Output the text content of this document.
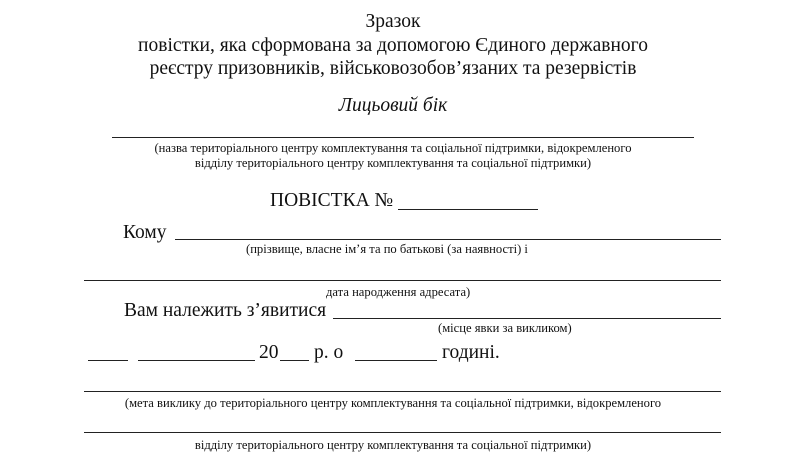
Зразок
повістки, яка сформована за допомогою Єдиного державного
реєстру призовників, військовозобов’язаних та резервістів
Лицьовий бік
(назва територіального центру комплектування та соціальної підтримки, відокремленого
відділу територіального центру комплектування та соціальної підтримки)
ПОВІСТКА №
Кому
(прізвище, власне ім’я та по батькові (за наявності) і
дата народження адресата)
Вам належить з’явитися
(місце явки за викликом)
20 р. о	годині.
(мета виклику до територіального центру комплектування та соціальної підтримки, відокремленого
відділу територіального центру комплектування та соціальної підтримки)
